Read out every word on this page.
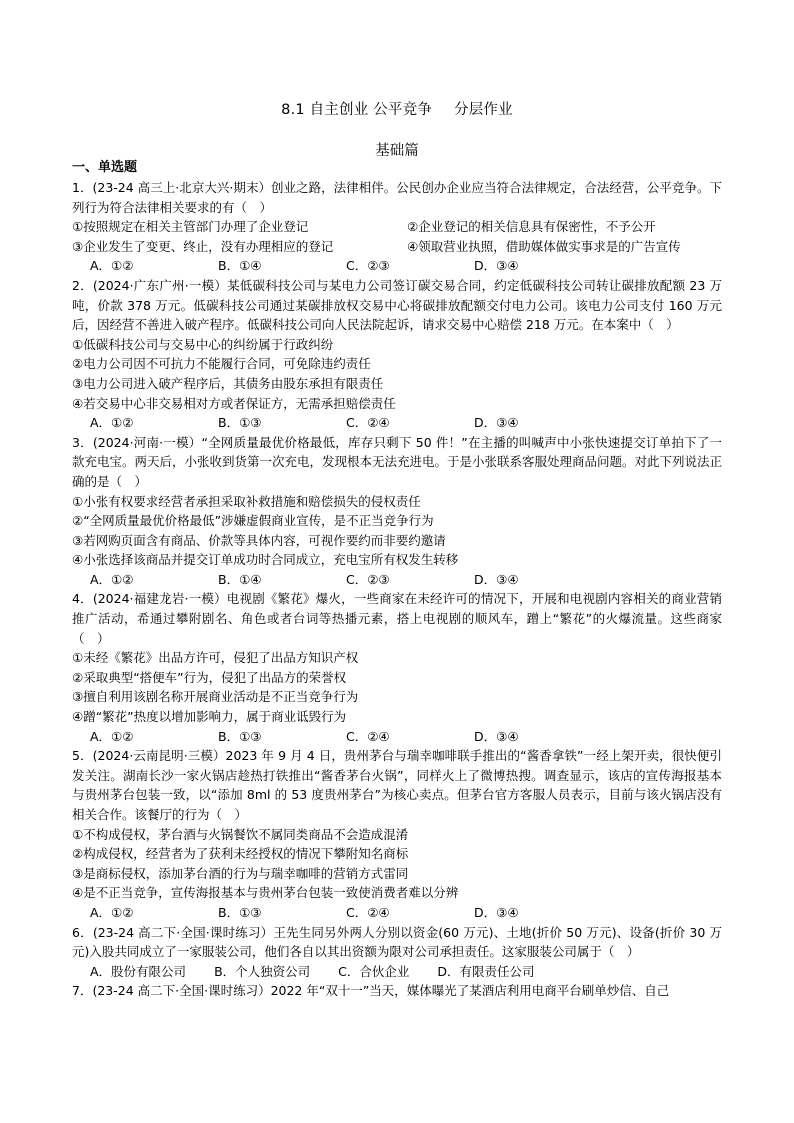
8.1 自主创业 公平竞争 分层作业
基础篇
一、单选题
1．(23-24 高三上·北京大兴·期末）创业之路，法律相伴。公民创办企业应当符合法律规定，合法经营，公平竞争。下列行为符合法律相关要求的有（　）
①按照规定在相关主管部门办理了企业登记	②企业登记的相关信息具有保密性，不予公开
③企业发生了变更、终止，没有办理相应的登记	④领取营业执照，借助媒体做实事求是的广告宣传
A．①②	B．①④	C．②③	D．③④
2．(2024·广东广州·一模）某低碳科技公司与某电力公司签订碳交易合同，约定低碳科技公司转让碳排放配额 23 万吨，价款 378 万元。低碳科技公司通过某碳排放权交易中心将碳排放配额交付电力公司。该电力公司支付 160 万元后，因经营不善进入破产程序。低碳科技公司向人民法院起诉，请求交易中心赔偿 218 万元。在本案中（　）
①低碳科技公司与交易中心的纠纷属于行政纠纷
②电力公司因不可抗力不能履行合同，可免除违约责任
③电力公司进入破产程序后，其债务由股东承担有限责任
④若交易中心非交易相对方或者保证方，无需承担赔偿责任
A．①②	B．①③	C．②④	D．③④
3．(2024·河南·一模）“全网质量最优价格最低，库存只剩下 50 件！”在主播的叫喊声中小张快速提交订单拍下了一款充电宝。两天后，小张收到货第一次充电，发现根本无法充进电。于是小张联系客服处理商品问题。对此下列说法正确的是（　）
①小张有权要求经营者承担采取补救措施和赔偿损失的侵权责任
②“全网质量最优价格最低”涉嫌虚假商业宣传，是不正当竞争行为
③若网购页面含有商品、价款等具体内容，可视作要约而非要约邀请
④小张选择该商品并提交订单成功时合同成立，充电宝所有权发生转移
A．①②	B．①④	C．②③	D．③④
4．(2024·福建龙岩·一模）电视剧《繁花》爆火，一些商家在未经许可的情况下，开展和电视剧内容相关的商业营销推广活动，希通过攀附剧名、角色或者台词等热播元素，搭上电视剧的顺风车，蹭上“繁花”的火爆流量。这些商家（　）
①未经《繁花》出品方许可，侵犯了出品方知识产权
②采取典型“搭便车”行为，侵犯了出品方的荣誉权
③擅自利用该剧名称开展商业活动是不正当竞争行为
④蹭“繁花”热度以增加影响力，属于商业诋毁行为
A．①②	B．①③	C．②④	D．③④
5．(2024·云南昆明·三模）2023 年 9 月 4 日，贵州茅台与瑞幸咖啡联手推出的“酱香拿铁”一经上架开卖，很快便引发关注。湖南长沙一家火锅店趁热打铁推出“酱香茅台火锅”，同样火上了微博热搜。调查显示，该店的宣传海报基本与贵州茅台包装一致，以“添加 8ml 的 53 度贵州茅台”为核心卖点。但茅台官方客服人员表示，目前与该火锅店没有相关合作。该餐厅的行为（　）
①不构成侵权，茅台酒与火锅餐饮不属同类商品不会造成混淆
②构成侵权，经营者为了获利未经授权的情况下攀附知名商标
③是商标侵权，添加茅台酒的行为与瑞幸咖啡的营销方式雷同
④是不正当竞争，宣传海报基本与贵州茅台包装一致使消费者难以分辨
A．①②	B．①③	C．②④	D．③④
6．(23-24 高二下·全国·课时练习）王先生同另外两人分别以资金(60 万元)、土地(折价 50 万元)、设备(折价 30 万元)入股共同成立了一家服装公司，他们各自以其出资额为限对公司承担责任。这家服装公司属于（　）
A．股份有限公司 B．个人独资公司 C．合伙企业 D．有限责任公司
7．(23-24 高二下·全国·课时练习）2022 年“双十一”当天，媒体曝光了某酒店利用电商平台刷单炒信、自己
